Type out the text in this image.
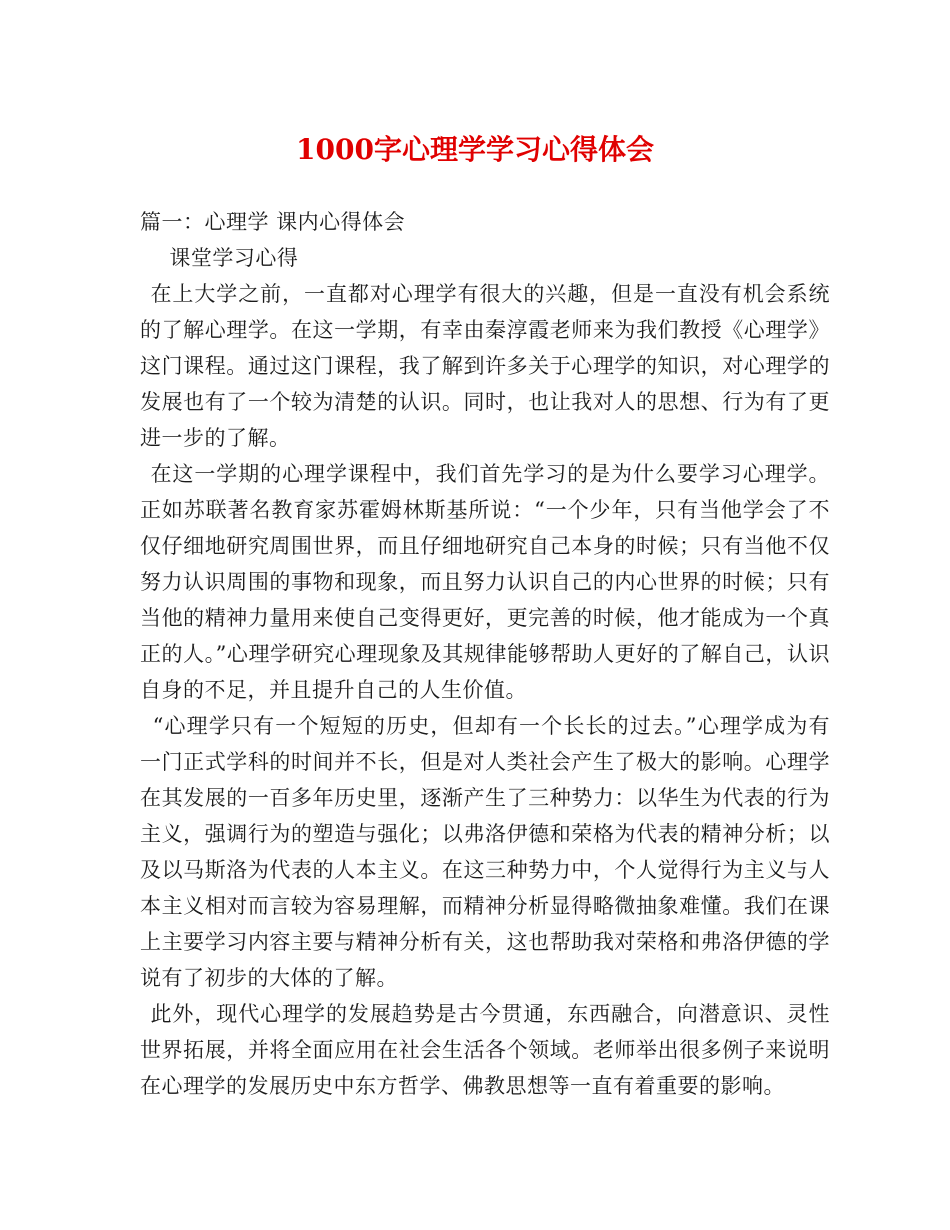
1000字心理学学习心得体会

篇一：心理学 课内心得体会

课堂学习心得

在上大学之前，一直都对心理学有很大的兴趣，但是一直没有机会系统的了解心理学。在这一学期，有幸由秦淳霞老师来为我们教授《心理学》这门课程。通过这门课程，我了解到许多关于心理学的知识，对心理学的发展也有了一个较为清楚的认识。同时，也让我对人的思想、行为有了更进一步的了解。

在这一学期的心理学课程中，我们首先学习的是为什么要学习心理学。正如苏联著名教育家苏霍姆林斯基所说：“一个少年，只有当他学会了不仅仔细地研究周围世界，而且仔细地研究自己本身的时候；只有当他不仅努力认识周围的事物和现象，而且努力认识自己的内心世界的时候；只有当他的精神力量用来使自己变得更好，更完善的时候，他才能成为一个真正的人。”心理学研究心理现象及其规律能够帮助人更好的了解自己，认识自身的不足，并且提升自己的人生价值。

“心理学只有一个短短的历史，但却有一个长长的过去。”心理学成为有一门正式学科的时间并不长，但是对人类社会产生了极大的影响。心理学在其发展的一百多年历史里，逐渐产生了三种势力：以华生为代表的行为主义，强调行为的塑造与强化；以弗洛伊德和荣格为代表的精神分析；以及以马斯洛为代表的人本主义。在这三种势力中，个人觉得行为主义与人本主义相对而言较为容易理解，而精神分析显得略微抽象难懂。我们在课上主要学习内容主要与精神分析有关，这也帮助我对荣格和弗洛伊德的学说有了初步的大体的了解。

此外，现代心理学的发展趋势是古今贯通，东西融合，向潜意识、灵性世界拓展，并将全面应用在社会生活各个领域。老师举出很多例子来说明在心理学的发展历史中东方哲学、佛教思想等一直有着重要的影响。
